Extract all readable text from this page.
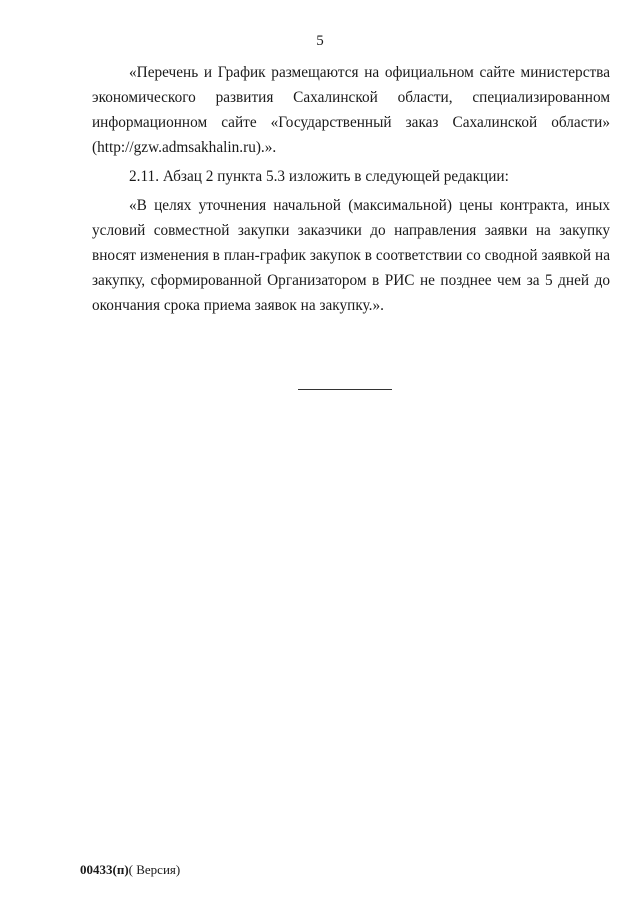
5

«Перечень и График размещаются на официальном сайте министерства экономического развития Сахалинской области, специализированном информационном сайте «Государственный заказ Сахалинской области» (http://gzw.admsakhalin.ru).».

2.11. Абзац 2 пункта 5.3 изложить в следующей редакции:

«В целях уточнения начальной (максимальной) цены контракта, иных условий совместной закупки заказчики до направления заявки на закупку вносят изменения в план-график закупок в соответствии со сводной заявкой на закупку, сформированной Организатором в РИС не позднее чем за 5 дней до окончания срока приема заявок на закупку.».

00433(п)( Версия)
